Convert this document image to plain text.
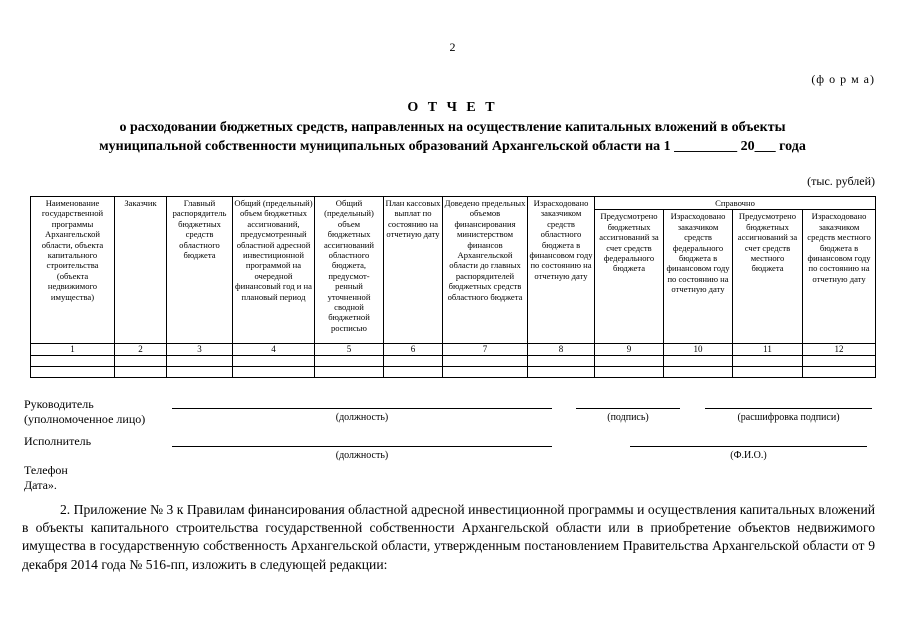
2
(ф о р м а)
О Т Ч Е Т
о расходовании бюджетных средств, направленных на осуществление капитальных вложений в объекты
муниципальной собственности муниципальных образований Архангельской области на 1 _________ 20___ года
(тыс. рублей)
Наименование государственной программы Архангельской области, объекта капитального строительства (объекта недвижимого имущества)	Заказчик	Главный распорядитель бюджетных средств областного бюджета	Общий (предельный) объем бюджетных ассигнований, предусмотренный областной адресной инвестиционной программой на очередной финансовый год и на плановый период	Общий (предельный) объем бюджетных ассигнований областного бюджета, предусмот-ренный уточненной сводной бюджетной росписью	План кассовых выплат по состоянию на отчетную дату	Доведено предельных объемов финансирования министерством финансов Архангельской области до главных распорядителей бюджетных средств областного бюджета	Израсходовано заказчиком средств областного бюджета в финансовом году по состоянию на отчетную дату	Справочно			
								Предусмотрено бюджетных ассигнований за счет средств федерального бюджета	Израсходовано заказчиком средств федерального бюджета в финансовом году по состоянию на отчетную дату	Предусмотрено бюджетных ассигнований за счет средств местного бюджета	Израсходовано заказчиком средств местного бюджета в финансовом году по состоянию на отчетную дату
1	2	3	4	5	6	7	8	9	10	11	12

Руководитель
(уполномоченное лицо)	(должность)	(подпись)	(расшифровка подписи)
Исполнитель
(должность)	(Ф.И.О.)
Телефон
Дата».

2. Приложение № 3 к Правилам финансирования областной адресной инвестиционной программы и осуществления капитальных вложений в объекты капитального строительства государственной собственности Архангельской области или в приобретение объектов недвижимого имущества в государственную собственность Архангельской области, утвержденным постановлением Правительства Архангельской области от 9 декабря 2014 года № 516-пп, изложить в следующей редакции:
